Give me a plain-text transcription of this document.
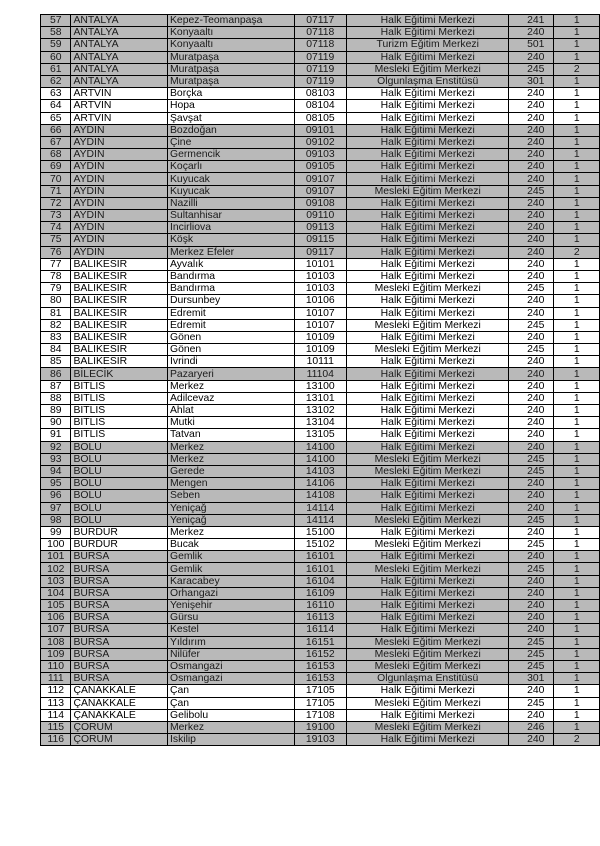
57	ANTALYA	Kepez-Teomanpaşa	07117	Halk Eğitimi Merkezi	241	1
58	ANTALYA	Konyaaltı	07118	Halk Eğitimi Merkezi	240	1
59	ANTALYA	Konyaaltı	07118	Turizm Eğitim Merkezi	501	1
60	ANTALYA	Muratpaşa	07119	Halk Eğitimi Merkezi	240	1
61	ANTALYA	Muratpaşa	07119	Mesleki Eğitim Merkezi	245	2
62	ANTALYA	Muratpaşa	07119	Olgunlaşma Enstitüsü	301	1
63	ARTVİN	Borçka	08103	Halk Eğitimi Merkezi	240	1
64	ARTVİN	Hopa	08104	Halk Eğitimi Merkezi	240	1
65	ARTVİN	Şavşat	08105	Halk Eğitimi Merkezi	240	1
66	AYDIN	Bozdoğan	09101	Halk Eğitimi Merkezi	240	1
67	AYDIN	Çine	09102	Halk Eğitimi Merkezi	240	1
68	AYDIN	Germencik	09103	Halk Eğitimi Merkezi	240	1
69	AYDIN	Koçarlı	09105	Halk Eğitimi Merkezi	240	1
70	AYDIN	Kuyucak	09107	Halk Eğitimi Merkezi	240	1
71	AYDIN	Kuyucak	09107	Mesleki Eğitim Merkezi	245	1
72	AYDIN	Nazilli	09108	Halk Eğitimi Merkezi	240	1
73	AYDIN	Sultanhisar	09110	Halk Eğitimi Merkezi	240	1
74	AYDIN	İncirliova	09113	Halk Eğitimi Merkezi	240	1
75	AYDIN	Köşk	09115	Halk Eğitimi Merkezi	240	1
76	AYDIN	Merkez Efeler	09117	Halk Eğitimi Merkezi	240	2
77	BALIKESİR	Ayvalık	10101	Halk Eğitimi Merkezi	240	1
78	BALIKESİR	Bandırma	10103	Halk Eğitimi Merkezi	240	1
79	BALIKESİR	Bandırma	10103	Mesleki Eğitim Merkezi	245	1
80	BALIKESİR	Dursunbey	10106	Halk Eğitimi Merkezi	240	1
81	BALIKESİR	Edremit	10107	Halk Eğitimi Merkezi	240	1
82	BALIKESİR	Edremit	10107	Mesleki Eğitim Merkezi	245	1
83	BALIKESİR	Gönen	10109	Halk Eğitimi Merkezi	240	1
84	BALIKESİR	Gönen	10109	Mesleki Eğitim Merkezi	245	1
85	BALIKESİR	İvrindi	10111	Halk Eğitimi Merkezi	240	1
86	BİLECİK	Pazaryeri	11104	Halk Eğitimi Merkezi	240	1
87	BİTLİS	Merkez	13100	Halk Eğitimi Merkezi	240	1
88	BİTLİS	Adilcevaz	13101	Halk Eğitimi Merkezi	240	1
89	BİTLİS	Ahlat	13102	Halk Eğitimi Merkezi	240	1
90	BİTLİS	Mutki	13104	Halk Eğitimi Merkezi	240	1
91	BİTLİS	Tatvan	13105	Halk Eğitimi Merkezi	240	1
92	BOLU	Merkez	14100	Halk Eğitimi Merkezi	240	1
93	BOLU	Merkez	14100	Mesleki Eğitim Merkezi	245	1
94	BOLU	Gerede	14103	Mesleki Eğitim Merkezi	245	1
95	BOLU	Mengen	14106	Halk Eğitimi Merkezi	240	1
96	BOLU	Seben	14108	Halk Eğitimi Merkezi	240	1
97	BOLU	Yeniçağ	14114	Halk Eğitimi Merkezi	240	1
98	BOLU	Yeniçağ	14114	Mesleki Eğitim Merkezi	245	1
99	BURDUR	Merkez	15100	Halk Eğitimi Merkezi	240	1
100	BURDUR	Bucak	15102	Mesleki Eğitim Merkezi	245	1
101	BURSA	Gemlik	16101	Halk Eğitimi Merkezi	240	1
102	BURSA	Gemlik	16101	Mesleki Eğitim Merkezi	245	1
103	BURSA	Karacabey	16104	Halk Eğitimi Merkezi	240	1
104	BURSA	Orhangazi	16109	Halk Eğitimi Merkezi	240	1
105	BURSA	Yenişehir	16110	Halk Eğitimi Merkezi	240	1
106	BURSA	Gürsu	16113	Halk Eğitimi Merkezi	240	1
107	BURSA	Kestel	16114	Halk Eğitimi Merkezi	240	1
108	BURSA	Yıldırım	16151	Mesleki Eğitim Merkezi	245	1
109	BURSA	Nilüfer	16152	Mesleki Eğitim Merkezi	245	1
110	BURSA	Osmangazi	16153	Mesleki Eğitim Merkezi	245	1
111	BURSA	Osmangazi	16153	Olgunlaşma Enstitüsü	301	1
112	ÇANAKKALE	Çan	17105	Halk Eğitimi Merkezi	240	1
113	ÇANAKKALE	Çan	17105	Mesleki Eğitim Merkezi	245	1
114	ÇANAKKALE	Gelibolu	17108	Halk Eğitimi Merkezi	240	1
115	ÇORUM	Merkez	19100	Mesleki Eğitim Merkezi	246	1
116	ÇORUM	İskilip	19103	Halk Eğitimi Merkezi	240	2
